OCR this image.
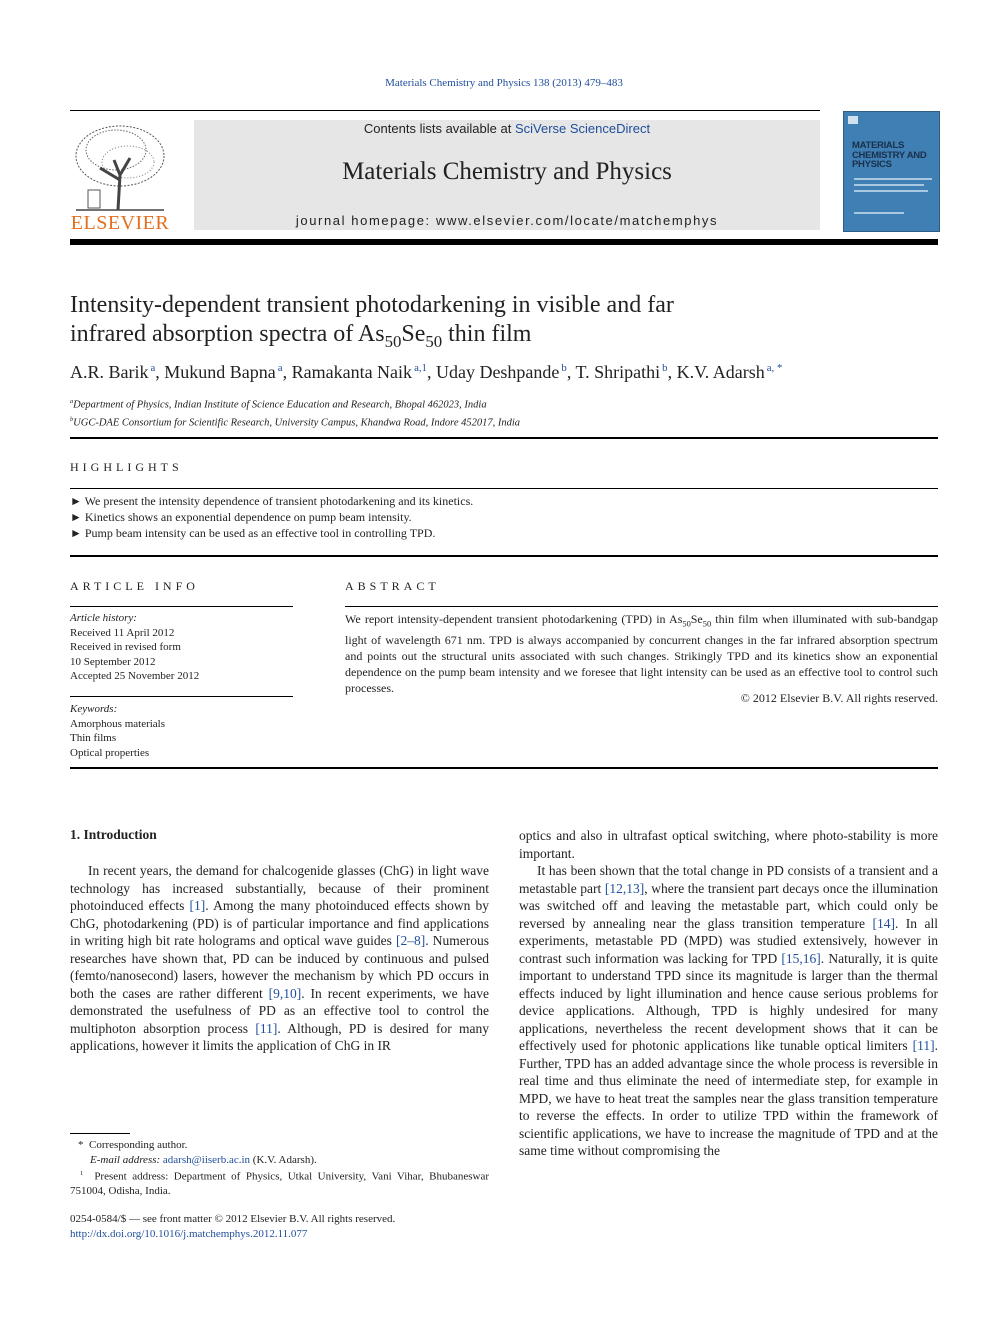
Materials Chemistry and Physics 138 (2013) 479–483
ELSEVIER
Contents lists available at SciVerse ScienceDirect
Materials Chemistry and Physics
journal homepage: www.elsevier.com/locate/matchemphys
MATERIALS CHEMISTRY AND PHYSICS
Intensity-dependent transient photodarkening in visible and far
infrared absorption spectra of $As_{50}Se_{50}$ thin film
A.R. Barik $^a$, Mukund Bapna $^a$, Ramakanta Naik $^{a,1}$, Uday Deshpande $^b$, T. Shripathi $^b$, K.V. Adarsh $^{a, *}$
$^a$Department of Physics, Indian Institute of Science Education and Research, Bhopal 462023, India
$^b$UGC-DAE Consortium for Scientific Research, University Campus, Khandwa Road, Indore 452017, India
HIGHLIGHTS
► We present the intensity dependence of transient photodarkening and its kinetics.
► Kinetics shows an exponential dependence on pump beam intensity.
► Pump beam intensity can be used as an effective tool in controlling TPD.
ARTICLE INFO
Article history:
Received 11 April 2012
Received in revised form
10 September 2012
Accepted 25 November 2012
Keywords:
Amorphous materials
Thin films
Optical properties
ABSTRACT
We report intensity-dependent transient photodarkening (TPD) in $As_{50}Se_{50}$ thin film when illuminated with sub-bandgap light of wavelength 671 nm. TPD is always accompanied by concurrent changes in the far infrared absorption spectrum and points out the structural units associated with such changes. Strikingly TPD and its kinetics show an exponential dependence on the pump beam intensity and we foresee that light intensity can be used as an effective tool to control such processes.
© 2012 Elsevier B.V. All rights reserved.
1. Introduction

In recent years, the demand for chalcogenide glasses (ChG) in light wave technology has increased substantially, because of their prominent photoinduced effects [1]. Among the many photoinduced effects shown by ChG, photodarkening (PD) is of particular importance and find applications in writing high bit rate holograms and optical wave guides [2–8]. Numerous researches have shown that, PD can be induced by continuous and pulsed (femto/nanosecond) lasers, however the mechanism by which PD occurs in both the cases are rather different [9,10]. In recent experiments, we have demonstrated the usefulness of PD as an effective tool to control the multiphoton absorption process [11]. Although, PD is desired for many applications, however it limits the application of ChG in IR

optics and also in ultrafast optical switching, where photo-stability is more important.

It has been shown that the total change in PD consists of a transient and a metastable part [12,13], where the transient part decays once the illumination was switched off and leaving the metastable part, which could only be reversed by annealing near the glass transition temperature [14]. In all experiments, metastable PD (MPD) was studied extensively, however in contrast such information was lacking for TPD [15,16]. Naturally, it is quite important to understand TPD since its magnitude is larger than the thermal effects induced by light illumination and hence cause serious problems for device applications. Although, TPD is highly undesired for many applications, nevertheless the recent development shows that it can be effectively used for photonic applications like tunable optical limiters [11]. Further, TPD has an added advantage since the whole process is reversible in real time and thus eliminate the need of intermediate step, for example in MPD, we have to heat treat the samples near the glass transition temperature to reverse the effects. In order to utilize TPD within the framework of scientific applications, we have to increase the magnitude of TPD and at the same time without compromising the

* Corresponding author.
E-mail address: adarsh@iiserb.ac.in (K.V. Adarsh).
$^1$ Present address: Department of Physics, Utkal University, Vani Vihar, Bhubaneswar 751004, Odisha, India.
0254-0584/$ — see front matter © 2012 Elsevier B.V. All rights reserved.
http://dx.doi.org/10.1016/j.matchemphys.2012.11.077
